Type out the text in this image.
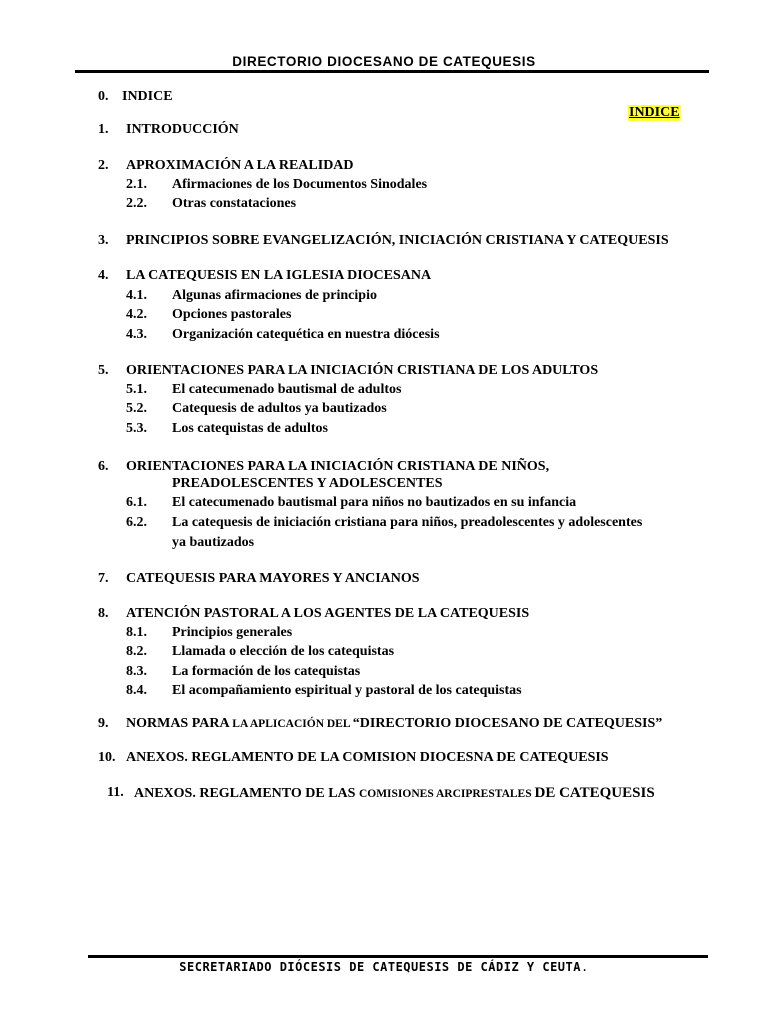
DIRECTORIO DIOCESANO DE CATEQUESIS
INDICE
0. INDICE
1. INTRODUCCIÓN
2. APROXIMACIÓN A LA REALIDAD
2.1. Afirmaciones de los Documentos Sinodales
2.2. Otras constataciones
3. PRINCIPIOS SOBRE EVANGELIZACIÓN, INICIACIÓN CRISTIANA Y CATEQUESIS
4. LA CATEQUESIS EN LA IGLESIA DIOCESANA
4.1. Algunas afirmaciones de principio
4.2. Opciones pastorales
4.3. Organización catequética en nuestra diócesis
5. ORIENTACIONES PARA LA INICIACIÓN CRISTIANA DE LOS ADULTOS
5.1. El catecumenado bautismal de adultos
5.2. Catequesis de adultos ya bautizados
5.3. Los catequistas de adultos
6. ORIENTACIONES PARA LA INICIACIÓN CRISTIANA DE NIÑOS,
PREADOLESCENTES Y ADOLESCENTES
6.1. El catecumenado bautismal para niños no bautizados en su infancia
6.2. La catequesis de iniciación cristiana para niños, preadolescentes y adolescentes
ya bautizados
7. CATEQUESIS PARA MAYORES Y ANCIANOS
8. ATENCIÓN PASTORAL A LOS AGENTES DE LA CATEQUESIS
8.1. Principios generales
8.2. Llamada o elección de los catequistas
8.3. La formación de los catequistas
8.4. El acompañamiento espiritual y pastoral de los catequistas
9. NORMAS PARA LA APLICACIÓN DEL “DIRECTORIO DIOCESANO DE CATEQUESIS”
10. ANEXOS. REGLAMENTO DE LA COMISION DIOCESNA DE CATEQUESIS
11. ANEXOS. REGLAMENTO DE LAS COMISIONES ARCIPRESTALES DE CATEQUESIS
SECRETARIADO DIÓCESIS DE CATEQUESIS DE CÁDIZ Y CEUTA.
